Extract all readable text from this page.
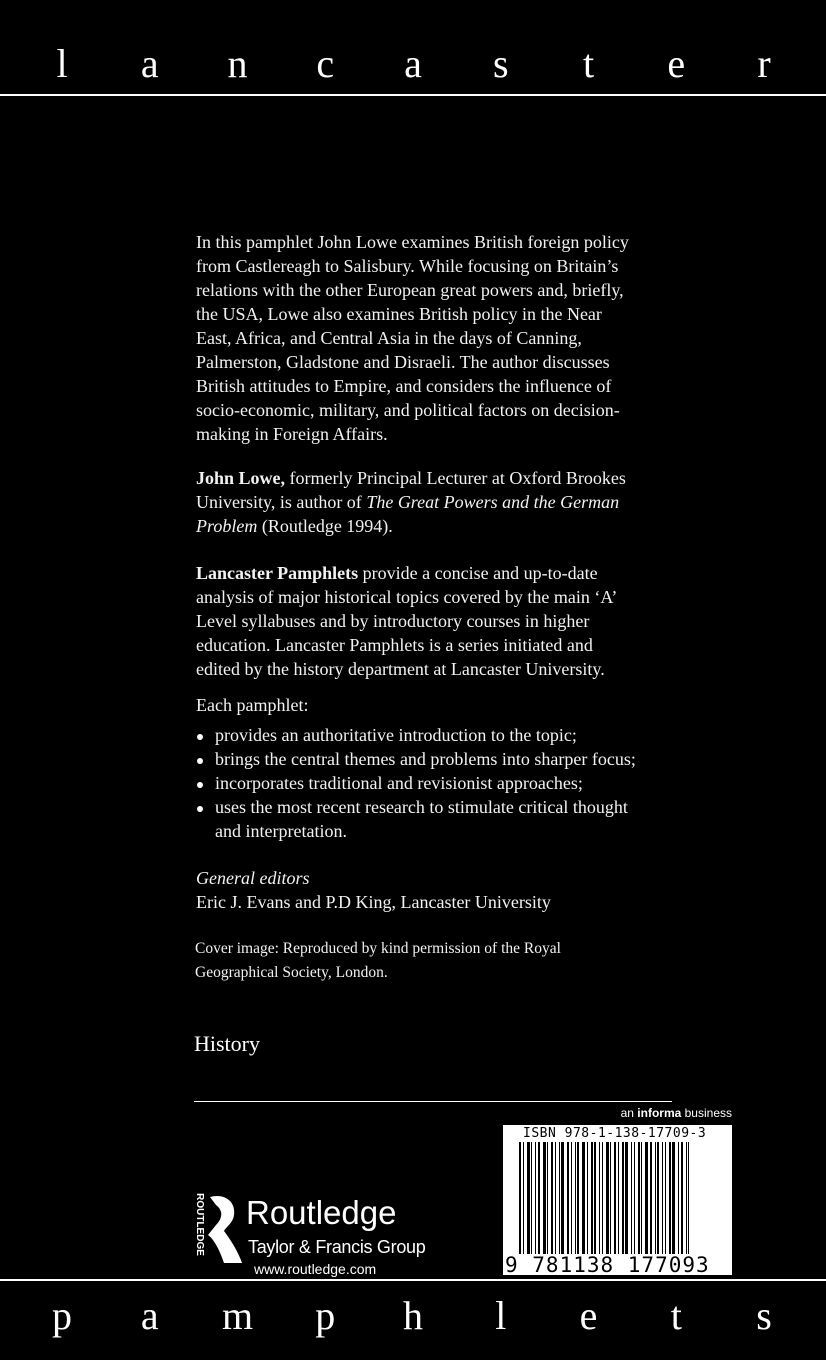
l	a	n	c	a	s	t	e	r
In this pamphlet John Lowe examines British foreign policy
from Castlereagh to Salisbury. While focusing on Britain’s
relations with the other European great powers and, briefly,
the USA, Lowe also examines British policy in the Near
East, Africa, and Central Asia in the days of Canning,
Palmerston, Gladstone and Disraeli. The author discusses
British attitudes to Empire, and considers the influence of
socio-economic, military, and political factors on decision-
making in Foreign Affairs.
John Lowe, formerly Principal Lecturer at Oxford Brookes
University, is author of The Great Powers and the German
Problem (Routledge 1994).
Lancaster Pamphlets provide a concise and up-to-date
analysis of major historical topics covered by the main ‘A’
Level syllabuses and by introductory courses in higher
education. Lancaster Pamphlets is a series initiated and
edited by the history department at Lancaster University.
Each pamphlet:
provides an authoritative introduction to the topic;
brings the central themes and problems into sharper focus;
incorporates traditional and revisionist approaches;
uses the most recent research to stimulate critical thought
and interpretation.
General editors
Eric J. Evans and P.D King, Lancaster University
Cover image: Reproduced by kind permission of the Royal
Geographical Society, London.
History
an informa business
ISBN 978-1-138-17709-3
9 781138 177093
ROUTLEDGE Routledge
Taylor & Francis Group
www.routledge.com
p	a	m	p	h	l	e	t	s
